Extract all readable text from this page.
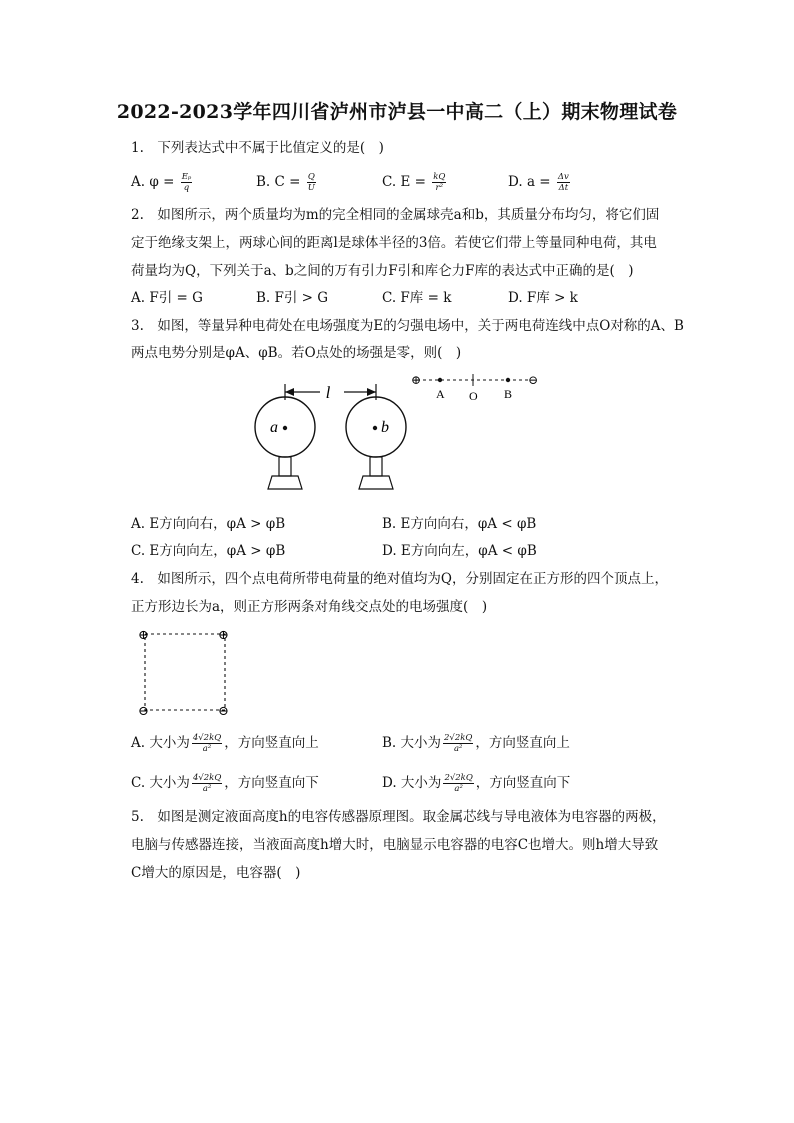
2022-2023学年四川省泸州市泸县一中高二（上）期末物理试卷
1.　下列表达式中不属于比值定义的是(　)
A. $\varphi = \frac{\text{Eₚ}}{q}$	B. $C = \frac{Q}{U}$	C. $E = \frac{kQ}{\text{r²}}$	D. $a = \frac{\Delta v}{\Delta t}$
2.　如图所示，两个质量均为m的完全相同的金属球壳a和b，其质量分布均匀，将它们固
定于绝缘支架上，两球心间的距离l是球体半径的3倍。若使它们带上等量同种电荷，其电
荷量均为Q，下列关于a、b之间的万有引力F引和库仑力F库的表达式中正确的是(　)
A. F引 = G	B. F引 > G	C. F库 = k	D. F库 > k
3.　如图，等量异种电荷处在电场强度为E的匀强电场中，关于两电荷连线中点O对称的A、B
两点电势分别是φA、φB。若O点处的场强是零，则(　)
l
a	b
⊕	⊖
A O B
A. E方向向右，φA > φB	B. E方向向右，φA < φB
C. E方向向左，φA > φB	D. E方向向左，φA < φB
4.　如图所示，四个点电荷所带电荷量的绝对值均为Q，分别固定在正方形的四个顶点上，
正方形边长为a，则正方形两条对角线交点处的电场强度(　)
⊕	⊕
⊖	⊖
A. 大小为 $\frac{4√2kQ}{\text{a²}}$ ，方向竖直向上	B. 大小为 $\frac{2√2kQ}{\text{a²}}$ ，方向竖直向上
C. 大小为 $\frac{4√2kQ}{\text{a²}}$ ，方向竖直向下	D. 大小为 $\frac{2√2kQ}{\text{a²}}$ ，方向竖直向下
5.　如图是测定液面高度h的电容传感器原理图。取金属芯线与导电液体为电容器的两极，
电脑与传感器连接，当液面高度h增大时，电脑显示电容器的电容C也增大。则h增大导致
C增大的原因是，电容器(　)
